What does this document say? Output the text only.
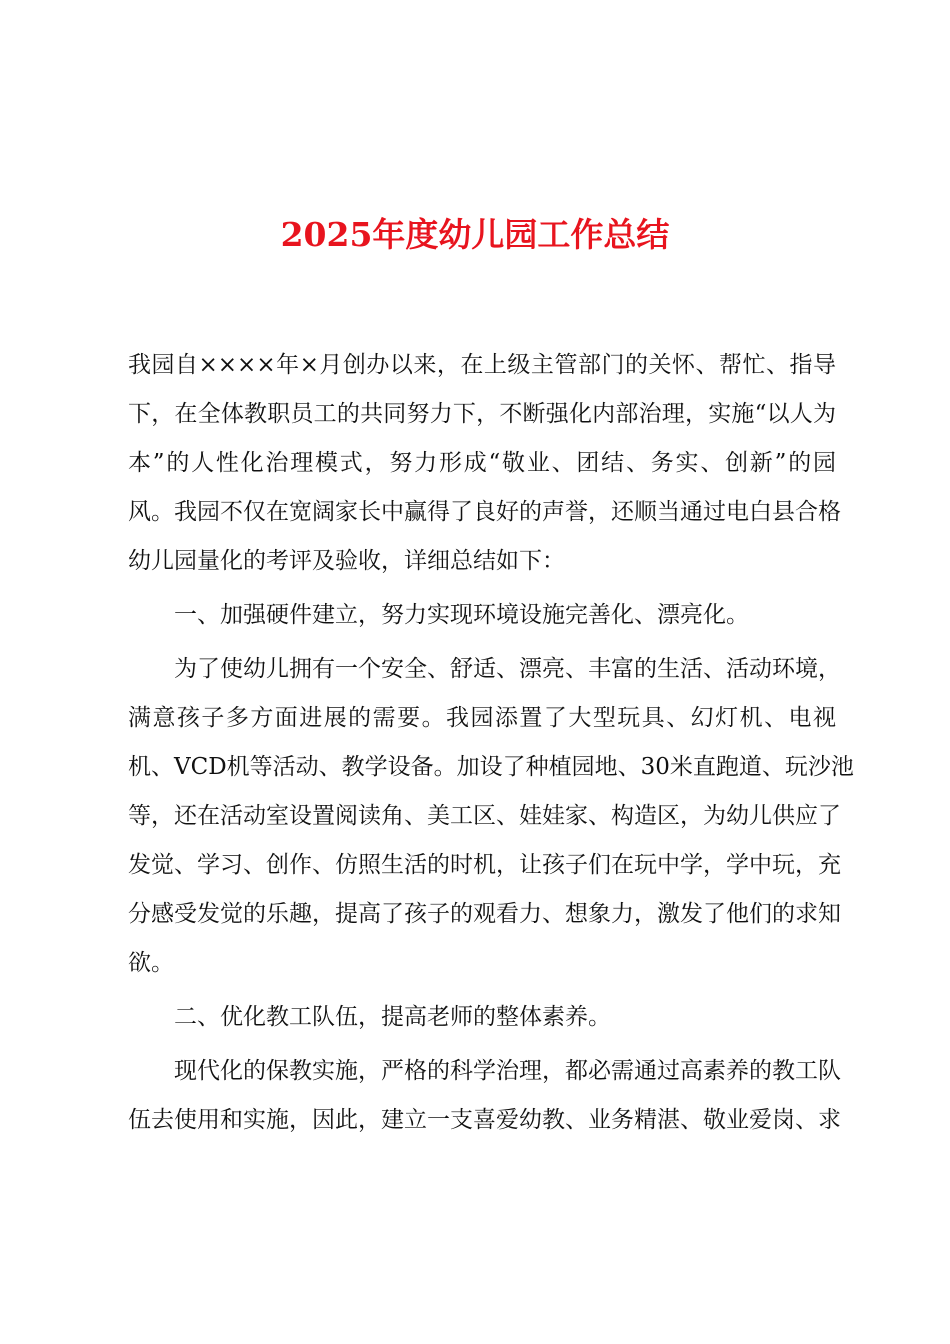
2025年度幼儿园工作总结
我园自××××年×月创办以来，在上级主管部门的关怀、帮忙、指导
下，在全体教职员工的共同努力下，不断强化内部治理，实施“以人为
本”的人性化治理模式，努力形成“敬业、团结、务实、创新”的园
风。我园不仅在宽阔家长中赢得了良好的声誉，还顺当通过电白县合格
幼儿园量化的考评及验收，详细总结如下：
一、加强硬件建立，努力实现环境设施完善化、漂亮化。
为了使幼儿拥有一个安全、舒适、漂亮、丰富的生活、活动环境，
满意孩子多方面进展的需要。我园添置了大型玩具、幻灯机、电视
机、VCD机等活动、教学设备。加设了种植园地、30米直跑道、玩沙池
等，还在活动室设置阅读角、美工区、娃娃家、构造区，为幼儿供应了
发觉、学习、创作、仿照生活的时机，让孩子们在玩中学，学中玩，充
分感受发觉的乐趣，提高了孩子的观看力、想象力，激发了他们的求知
欲。
二、优化教工队伍，提高老师的整体素养。
现代化的保教实施，严格的科学治理，都必需通过高素养的教工队
伍去使用和实施，因此，建立一支喜爱幼教、业务精湛、敬业爱岗、求
